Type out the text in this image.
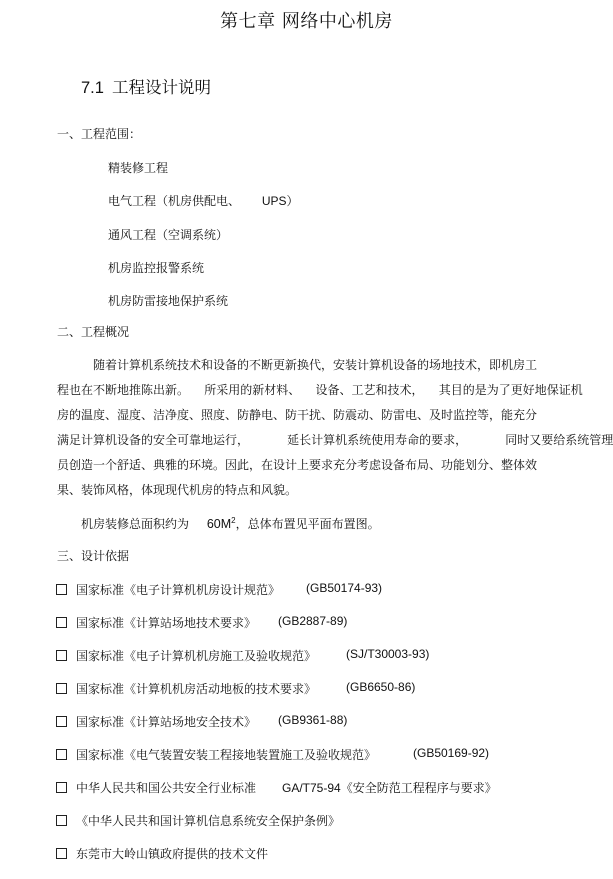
第七章 网络中心机房
7.1 工程设计说明
一、工程范围：
精装修工程
电气工程（机房供配电、 UPS）
通风工程（空调系统）
机房监控报警系统
机房防雷接地保护系统
二、工程概况
随着计算机系统技术和设备的不断更新换代，安装计算机设备的场地技术，即机房工
程也在不断地推陈出新。    所采用的新材料、    设备、工艺和技术，    其目的是为了更好地保证机
房的温度、湿度、洁净度、照度、防静电、防干扰、防震动、防雷电、及时监控等，能充分
满足计算机设备的安全可靠地运行，          延长计算机系统使用寿命的要求，          同时又要给系统管理
员创造一个舒适、典雅的环境。因此，在设计上要求充分考虑设备布局、功能划分、整体效
果、装饰风格，体现现代机房的特点和风貌。
机房装修总面积约为 $60M^2$，总体布置见平面布置图。
三、设计依据
国家标准《电子计算机机房设计规范》 (GB50174-93)
国家标准《计算站场地技术要求》 (GB2887-89)
国家标准《电子计算机机房施工及验收规范》 (SJ/T30003-93)
国家标准《计算机机房活动地板的技术要求》 (GB6650-86)
国家标准《计算站场地安全技术》 (GB9361-88)
国家标准《电气装置安装工程接地装置施工及验收规范》	(GB50169-92)
中华人民共和国公共安全行业标准 GA/T75-94《安全防范工程程序与要求》
《中华人民共和国计算机信息系统安全保护条例》
东莞市大岭山镇政府提供的技术文件
